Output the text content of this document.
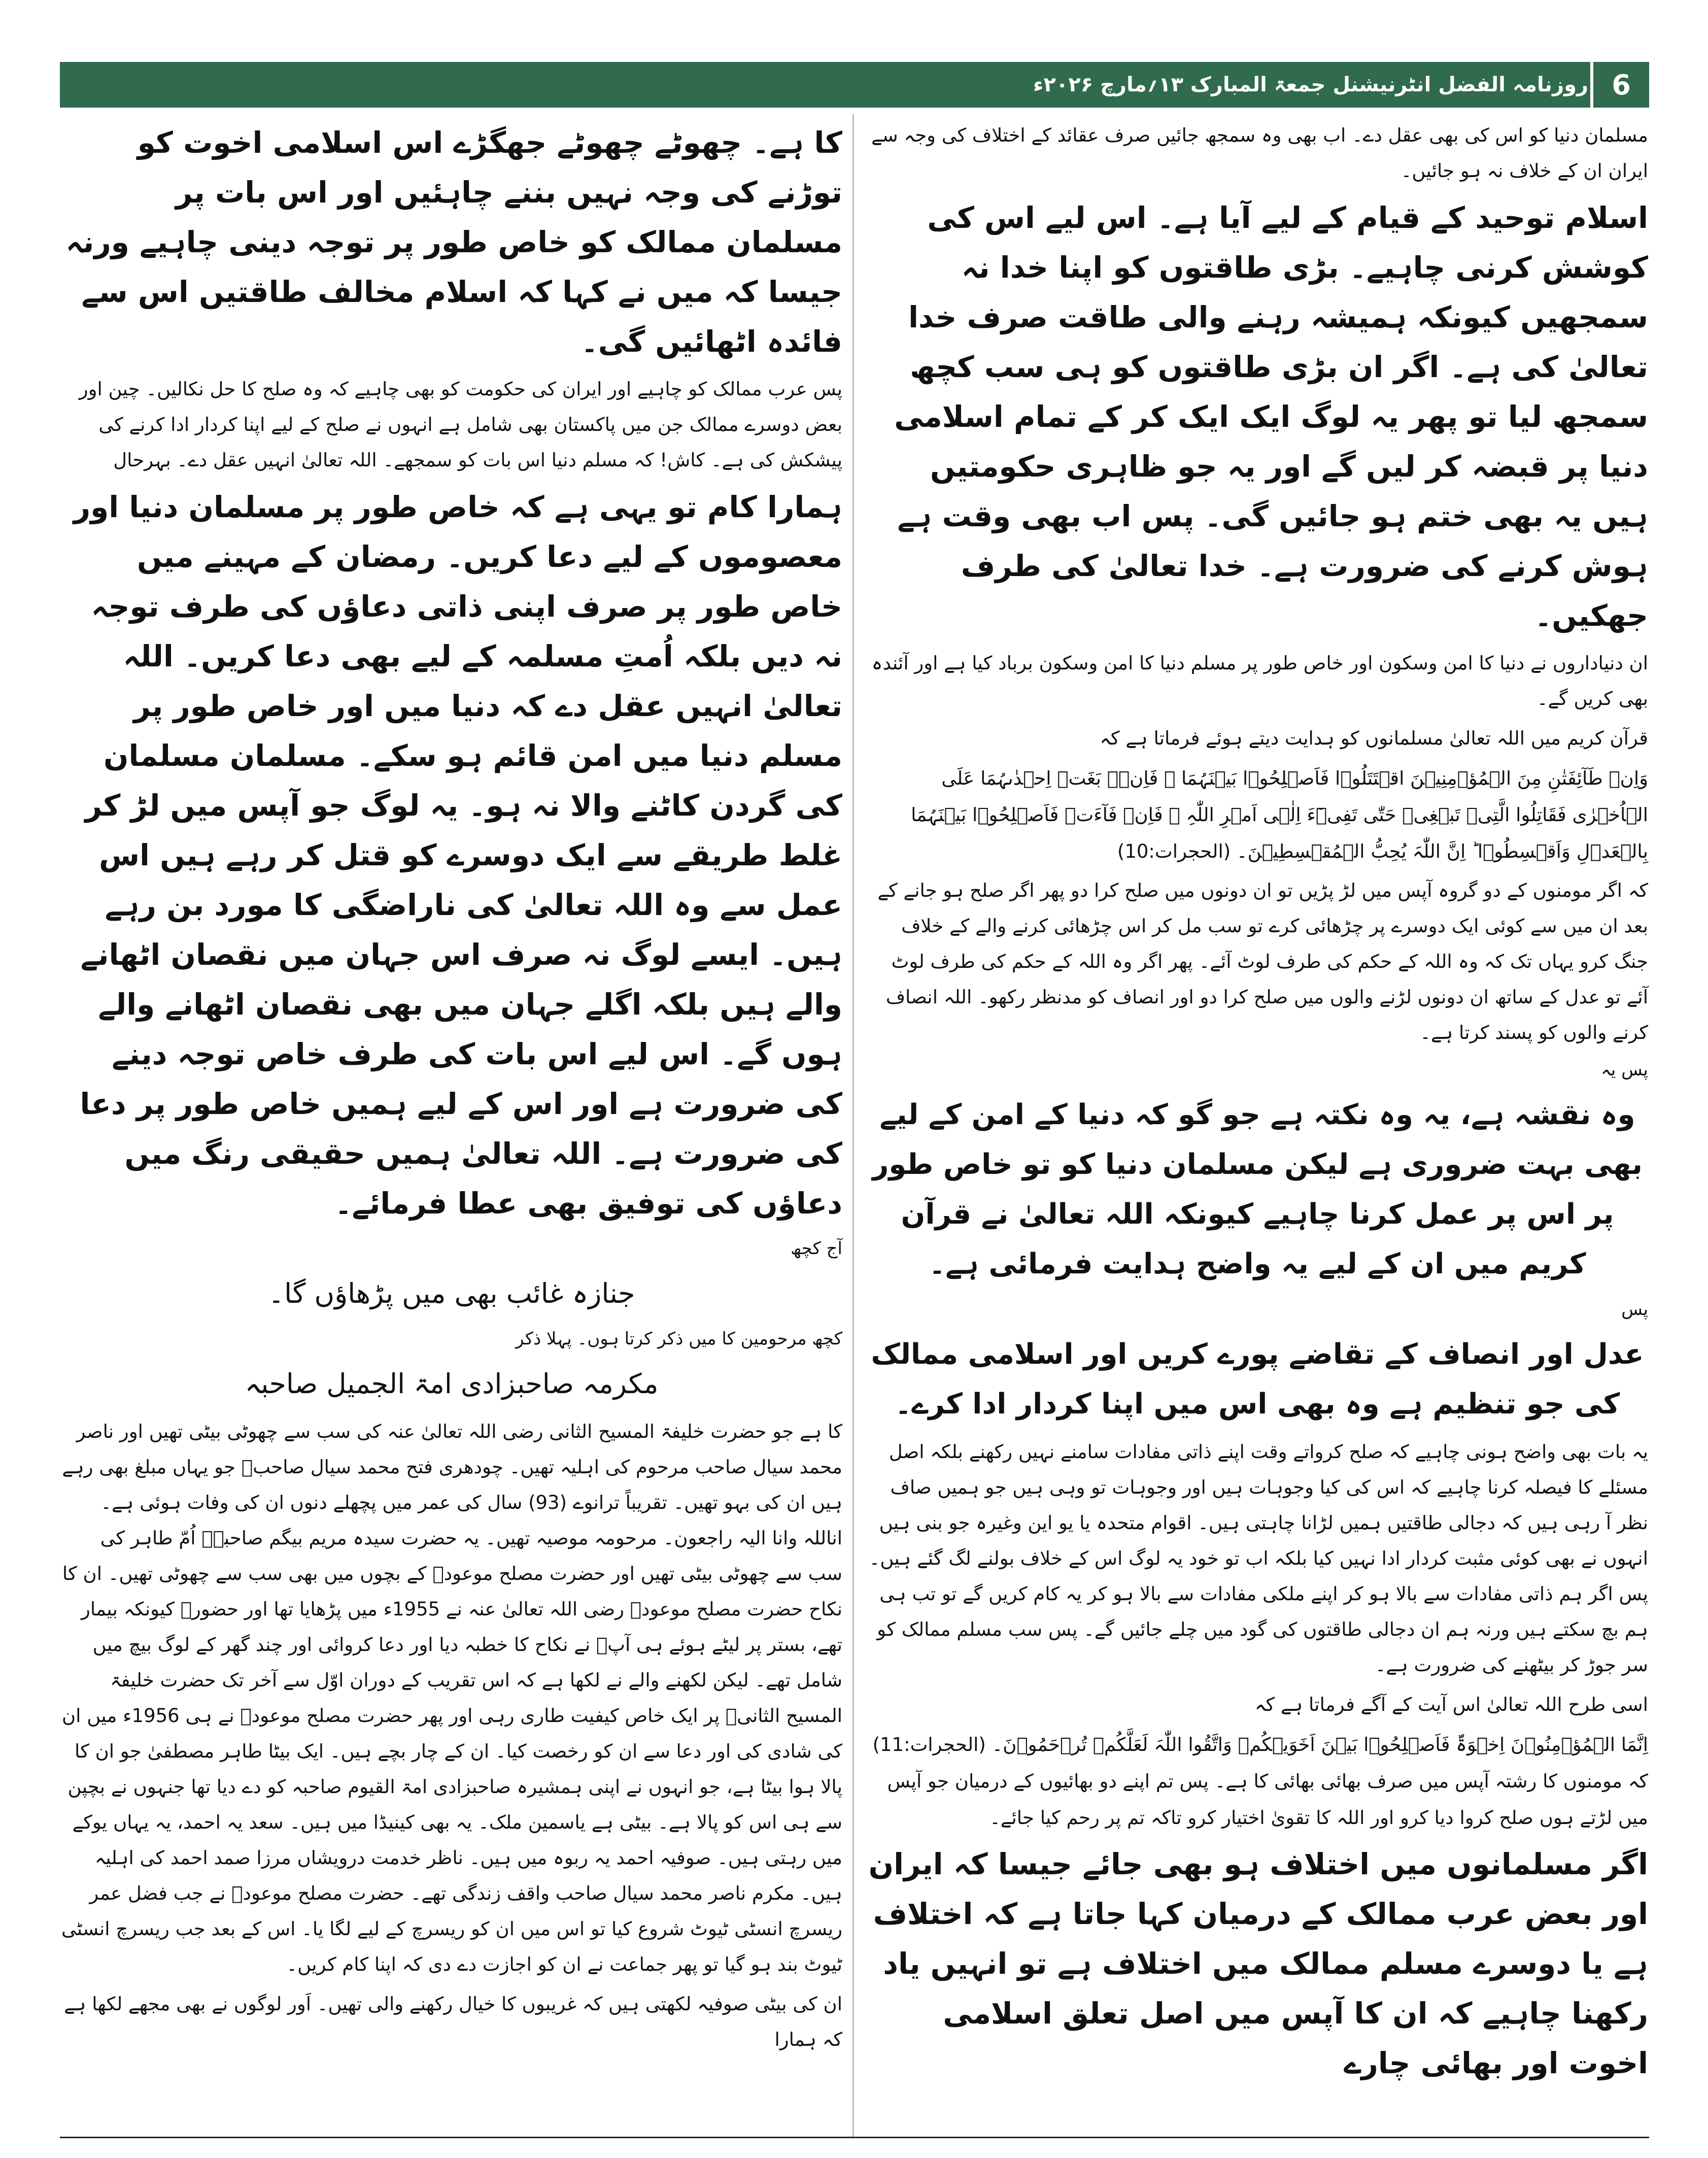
روزنامہ الفضل انٹرنیشنل جمعۃ المبارک ۱۳؍مارچ ۲۰۲۶ء 6

مسلمان دنیا کو اس کی بھی عقل دے۔ اب بھی وہ سمجھ جائیں صرف عقائد کے اختلاف کی وجہ سے ایران ان کے خلاف نہ ہو جائیں۔

اسلام توحید کے قیام کے لیے آیا ہے۔ اس لیے اس کی کوشش کرنی چاہیے۔ بڑی طاقتوں کو اپنا خدا نہ سمجھیں کیونکہ ہمیشہ رہنے والی طاقت صرف خدا تعالیٰ کی ہے۔ اگر ان بڑی طاقتوں کو ہی سب کچھ سمجھ لیا تو پھر یہ لوگ ایک ایک کر کے تمام اسلامی دنیا پر قبضہ کر لیں گے اور یہ جو ظاہری حکومتیں ہیں یہ بھی ختم ہو جائیں گی۔ پس اب بھی وقت ہے ہوش کرنے کی ضرورت ہے۔ خدا تعالیٰ کی طرف جھکیں۔

ان دنیاداروں نے دنیا کا امن وسکون اور خاص طور پر مسلم دنیا کا امن وسکون برباد کیا ہے اور آئندہ بھی کریں گے۔

قرآن کریم میں اللہ تعالیٰ مسلمانوں کو ہدایت دیتے ہوئے فرماتا ہے کہ

وَاِنۡ طَآئِفَتٰنِ مِنَ الۡمُؤۡمِنِیۡنَ اقۡتَتَلُوۡا فَاَصۡلِحُوۡا بَیۡنَہُمَا ۚ فَاِنۡۢ بَغَتۡ اِحۡدٰىہُمَا عَلَی الۡاُخۡرٰی فَقَاتِلُوا الَّتِیۡ تَبۡغِیۡ حَتّٰی تَفِیۡٓءَ اِلٰۤی اَمۡرِ اللّٰہِ ۚ فَاِنۡ فَآءَتۡ فَاَصۡلِحُوۡا بَیۡنَہُمَا بِالۡعَدۡلِ وَاَقۡسِطُوۡا ؕ اِنَّ اللّٰہَ یُحِبُّ الۡمُقۡسِطِیۡنَ۔ (الحجرات:10)

کہ اگر مومنوں کے دو گروہ آپس میں لڑ پڑیں تو ان دونوں میں صلح کرا دو پھر اگر صلح ہو جانے کے بعد ان میں سے کوئی ایک دوسرے پر چڑھائی کرے تو سب مل کر اس چڑھائی کرنے والے کے خلاف جنگ کرو یہاں تک کہ وہ اللہ کے حکم کی طرف لوٹ آئے۔ پھر اگر وہ اللہ کے حکم کی طرف لوٹ آئے تو عدل کے ساتھ ان دونوں لڑنے والوں میں صلح کرا دو اور انصاف کو مدنظر رکھو۔ اللہ انصاف کرنے والوں کو پسند کرتا ہے۔

پس یہ

وہ نقشہ ہے، یہ وہ نکتہ ہے جو گو کہ دنیا کے امن کے لیے بھی بہت ضروری ہے لیکن مسلمان دنیا کو تو خاص طور پر اس پر عمل کرنا چاہیے کیونکہ اللہ تعالیٰ نے قرآن کریم میں ان کے لیے یہ واضح ہدایت فرمائی ہے۔

پس

عدل اور انصاف کے تقاضے پورے کریں اور اسلامی ممالک کی جو تنظیم ہے وہ بھی اس میں اپنا کردار ادا کرے۔

یہ بات بھی واضح ہونی چاہیے کہ صلح کرواتے وقت اپنے ذاتی مفادات سامنے نہیں رکھنے بلکہ اصل مسئلے کا فیصلہ کرنا چاہیے کہ اس کی کیا وجوہات ہیں اور وجوہات تو وہی ہیں جو ہمیں صاف نظر آ رہی ہیں کہ دجالی طاقتیں ہمیں لڑانا چاہتی ہیں۔ اقوام متحدہ یا یو این وغیرہ جو بنی ہیں انہوں نے بھی کوئی مثبت کردار ادا نہیں کیا بلکہ اب تو خود یہ لوگ اس کے خلاف بولنے لگ گئے ہیں۔ پس اگر ہم ذاتی مفادات سے بالا ہو کر اپنے ملکی مفادات سے بالا ہو کر یہ کام کریں گے تو تب ہی ہم بچ سکتے ہیں ورنہ ہم ان دجالی طاقتوں کی گود میں چلے جائیں گے۔ پس سب مسلم ممالک کو سر جوڑ کر بیٹھنے کی ضرورت ہے۔

اسی طرح اللہ تعالیٰ اس آیت کے آگے فرماتا ہے کہ

اِنَّمَا الۡمُؤۡمِنُوۡنَ اِخۡوَۃٌ فَاَصۡلِحُوۡا بَیۡنَ اَخَوَیۡکُمۡ وَاتَّقُوا اللّٰہَ لَعَلَّکُمۡ تُرۡحَمُوۡنَ۔ (الحجرات:11) کہ مومنوں کا رشتہ آپس میں صرف بھائی بھائی کا ہے۔ پس تم اپنے دو بھائیوں کے درمیان جو آپس میں لڑتے ہوں صلح کروا دیا کرو اور اللہ کا تقویٰ اختیار کرو تاکہ تم پر رحم کیا جائے۔

اگر مسلمانوں میں اختلاف ہو بھی جائے جیسا کہ ایران اور بعض عرب ممالک کے درمیان کہا جاتا ہے کہ اختلاف ہے یا دوسرے مسلم ممالک میں اختلاف ہے تو انہیں یاد رکھنا چاہیے کہ ان کا آپس میں اصل تعلق اسلامی اخوت اور بھائی چارے

کا ہے۔ چھوٹے چھوٹے جھگڑے اس اسلامی اخوت کو توڑنے کی وجہ نہیں بننے چاہئیں اور اس بات پر مسلمان ممالک کو خاص طور پر توجہ دینی چاہیے ورنہ جیسا کہ میں نے کہا کہ اسلام مخالف طاقتیں اس سے فائدہ اٹھائیں گی۔

پس عرب ممالک کو چاہیے اور ایران کی حکومت کو بھی چاہیے کہ وہ صلح کا حل نکالیں۔ چین اور بعض دوسرے ممالک جن میں پاکستان بھی شامل ہے انہوں نے صلح کے لیے اپنا کردار ادا کرنے کی پیشکش کی ہے۔ کاش! کہ مسلم دنیا اس بات کو سمجھے۔ اللہ تعالیٰ انہیں عقل دے۔ بہرحال

ہمارا کام تو یہی ہے کہ خاص طور پر مسلمان دنیا اور معصوموں کے لیے دعا کریں۔ رمضان کے مہینے میں خاص طور پر صرف اپنی ذاتی دعاؤں کی طرف توجہ نہ دیں بلکہ اُمتِ مسلمہ کے لیے بھی دعا کریں۔ اللہ تعالیٰ انہیں عقل دے کہ دنیا میں اور خاص طور پر مسلم دنیا میں امن قائم ہو سکے۔ مسلمان مسلمان کی گردن کاٹنے والا نہ ہو۔ یہ لوگ جو آپس میں لڑ کر غلط طریقے سے ایک دوسرے کو قتل کر رہے ہیں اس عمل سے وہ اللہ تعالیٰ کی ناراضگی کا مورد بن رہے ہیں۔ ایسے لوگ نہ صرف اس جہان میں نقصان اٹھانے والے ہیں بلکہ اگلے جہان میں بھی نقصان اٹھانے والے ہوں گے۔ اس لیے اس بات کی طرف خاص توجہ دینے کی ضرورت ہے اور اس کے لیے ہمیں خاص طور پر دعا کی ضرورت ہے۔ اللہ تعالیٰ ہمیں حقیقی رنگ میں دعاؤں کی توفیق بھی عطا فرمائے۔

آج کچھ

جنازہ غائب بھی میں پڑھاؤں گا۔

کچھ مرحومین کا میں ذکر کرتا ہوں۔ پہلا ذکر

مکرمہ صاحبزادی امۃ الجمیل صاحبہ

کا ہے جو حضرت خلیفۃ المسیح الثانی رضی اللہ تعالیٰ عنہ کی سب سے چھوٹی بیٹی تھیں اور ناصر محمد سیال صاحب مرحوم کی اہلیہ تھیں۔ چودھری فتح محمد سیال صاحبؓ جو یہاں مبلغ بھی رہے ہیں ان کی بہو تھیں۔ تقریباً ترانوے (93) سال کی عمر میں پچھلے دنوں ان کی وفات ہوئی ہے۔ اناللہ وانا الیہ راجعون۔ مرحومہ موصیہ تھیں۔ یہ حضرت سیدہ مریم بیگم صاحبہؓ اُمّ طاہر کی سب سے چھوٹی بیٹی تھیں اور حضرت مصلح موعودؓ کے بچوں میں بھی سب سے چھوٹی تھیں۔ ان کا نکاح حضرت مصلح موعودؓ رضی اللہ تعالیٰ عنہ نے 1955ء میں پڑھایا تھا اور حضورؓ کیونکہ بیمار تھے، بستر پر لیٹے ہوئے ہی آپؓ نے نکاح کا خطبہ دیا اور دعا کروائی اور چند گھر کے لوگ بیچ میں شامل تھے۔ لیکن لکھنے والے نے لکھا ہے کہ اس تقریب کے دوران اوّل سے آخر تک حضرت خلیفۃ المسیح الثانیؓ پر ایک خاص کیفیت طاری رہی اور پھر حضرت مصلح موعودؓ نے ہی 1956ء میں ان کی شادی کی اور دعا سے ان کو رخصت کیا۔ ان کے چار بچے ہیں۔ ایک بیٹا طاہر مصطفیٰ جو ان کا پالا ہوا بیٹا ہے، جو انہوں نے اپنی ہمشیرہ صاحبزادی امۃ القیوم صاحبہ کو دے دیا تھا جنہوں نے بچپن سے ہی اس کو پالا ہے۔ بیٹی ہے یاسمین ملک۔ یہ بھی کینیڈا میں ہیں۔ سعد یہ احمد، یہ یہاں یوکے میں رہتی ہیں۔ صوفیہ احمد یہ ربوہ میں ہیں۔ ناظر خدمت درویشاں مرزا صمد احمد کی اہلیہ ہیں۔ مکرم ناصر محمد سیال صاحب واقف زندگی تھے۔ حضرت مصلح موعودؓ نے جب فضل عمر ریسرچ انسٹی ٹیوٹ شروع کیا تو اس میں ان کو ریسرچ کے لیے لگا یا۔ اس کے بعد جب ریسرچ انسٹی ٹیوٹ بند ہو گیا تو پھر جماعت نے ان کو اجازت دے دی کہ اپنا کام کریں۔

ان کی بیٹی صوفیہ لکھتی ہیں کہ غریبوں کا خیال رکھنے والی تھیں۔ اَور لوگوں نے بھی مجھے لکھا ہے کہ ہمارا
